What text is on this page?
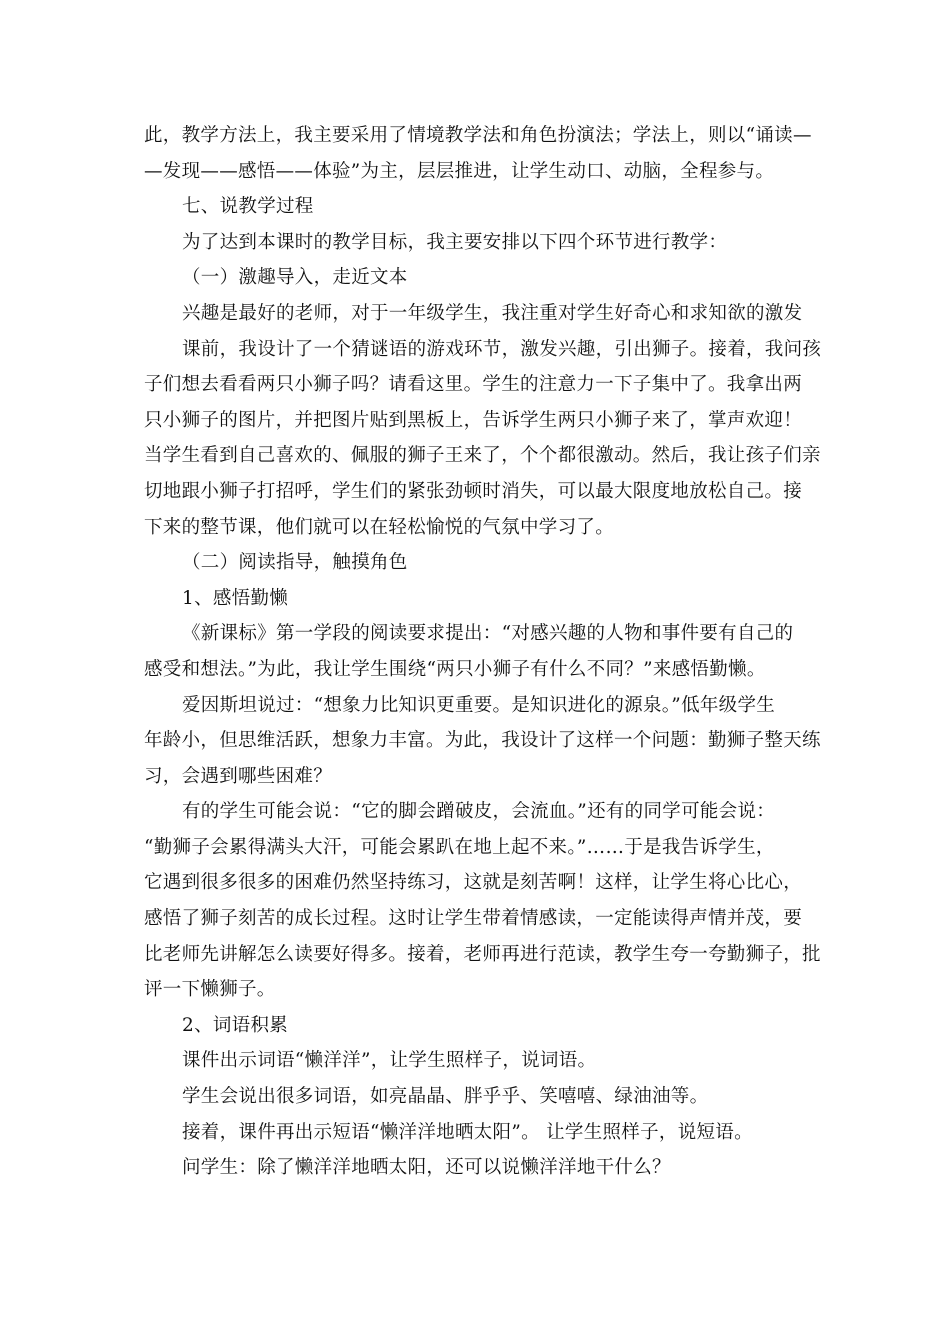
此，教学方法上，我主要采用了情境教学法和角色扮演法；学法上，则以“诵读—
—发现——感悟——体验”为主，层层推进，让学生动口、动脑，全程参与。
七、说教学过程
为了达到本课时的教学目标，我主要安排以下四个环节进行教学：
（一）激趣导入，走近文本
兴趣是最好的老师，对于一年级学生，我注重对学生好奇心和求知欲的激发
课前，我设计了一个猜谜语的游戏环节，激发兴趣，引出狮子。接着，我问孩
子们想去看看两只小狮子吗？请看这里。学生的注意力一下子集中了。我拿出两
只小狮子的图片，并把图片贴到黑板上，告诉学生两只小狮子来了，掌声欢迎！
当学生看到自己喜欢的、佩服的狮子王来了，个个都很激动。然后，我让孩子们亲
切地跟小狮子打招呼，学生们的紧张劲顿时消失，可以最大限度地放松自己。接
下来的整节课，他们就可以在轻松愉悦的气氛中学习了。
（二）阅读指导，触摸角色
1、感悟勤懒
《新课标》第一学段的阅读要求提出：“对感兴趣的人物和事件要有自己的
感受和想法。”为此，我让学生围绕“两只小狮子有什么不同？”来感悟勤懒。
爱因斯坦说过：“想象力比知识更重要。是知识进化的源泉。”低年级学生
年龄小，但思维活跃，想象力丰富。为此，我设计了这样一个问题：勤狮子整天练
习，会遇到哪些困难？
有的学生可能会说：“它的脚会蹭破皮，会流血。”还有的同学可能会说：
“勤狮子会累得满头大汗，可能会累趴在地上起不来。”……于是我告诉学生，
它遇到很多很多的困难仍然坚持练习，这就是刻苦啊！这样，让学生将心比心，
感悟了狮子刻苦的成长过程。这时让学生带着情感读，一定能读得声情并茂，要
比老师先讲解怎么读要好得多。接着，老师再进行范读，教学生夸一夸勤狮子，批
评一下懒狮子。
2、词语积累
课件出示词语“懒洋洋”，让学生照样子，说词语。
学生会说出很多词语，如亮晶晶、胖乎乎、笑嘻嘻、绿油油等。
接着，课件再出示短语“懒洋洋地晒太阳”。 让学生照样子，说短语。
问学生：除了懒洋洋地晒太阳，还可以说懒洋洋地干什么？
